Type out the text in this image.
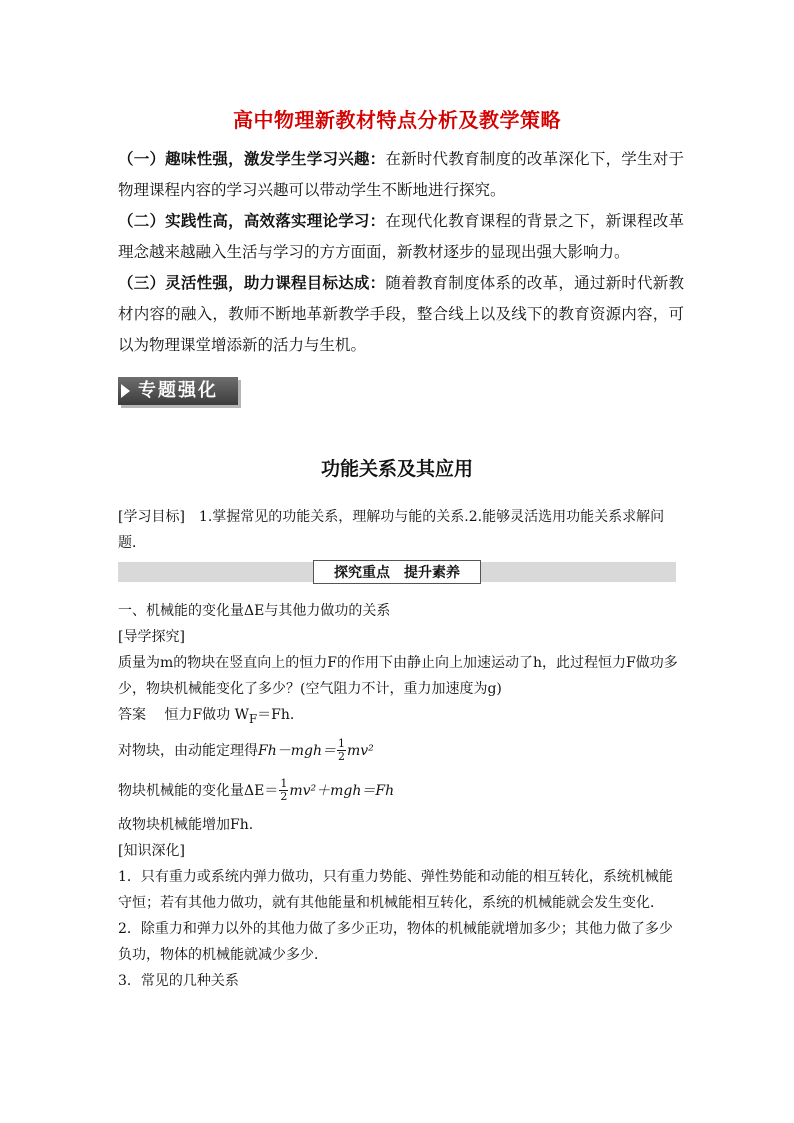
高中物理新教材特点分析及教学策略

（一）趣味性强，激发学生学习兴趣：在新时代教育制度的改革深化下，学生对于物理课程内容的学习兴趣可以带动学生不断地进行探究。

（二）实践性高，高效落实理论学习：在现代化教育课程的背景之下，新课程改革理念越来越融入生活与学习的方方面面，新教材逐步的显现出强大影响力。

（三）灵活性强，助力课程目标达成：随着教育制度体系的改革，通过新时代新教材内容的融入，教师不断地革新教学手段，整合线上以及线下的教育资源内容，可以为物理课堂增添新的活力与生机。

专题强化
功能关系及其应用

[学习目标]　1.掌握常见的功能关系，理解功与能的关系.2.能够灵活选用功能关系求解问题．

探究重点 提升素养

一、机械能的变化量ΔE与其他力做功的关系

[导学探究]

质量为m的物块在竖直向上的恒力F的作用下由静止向上加速运动了h，此过程恒力F做功多少，物块机械能变化了多少？(空气阻力不计，重力加速度为g)

答案　 恒力F做功 $W_F=Fh$.

对物块，由动能定理得$Fh-mgh= \frac{1}{2} mv^2$

物块机械能的变化量$\Delta E= \frac{1}{2} mv^2+mgh=Fh$

故物块机械能增加Fh.

[知识深化]

1．只有重力或系统内弹力做功，只有重力势能、弹性势能和动能的相互转化，系统机械能守恒；若有其他力做功，就有其他能量和机械能相互转化，系统的机械能就会发生变化．

2．除重力和弹力以外的其他力做了多少正功，物体的机械能就增加多少；其他力做了多少负功，物体的机械能就减少多少．

3．常见的几种关系
